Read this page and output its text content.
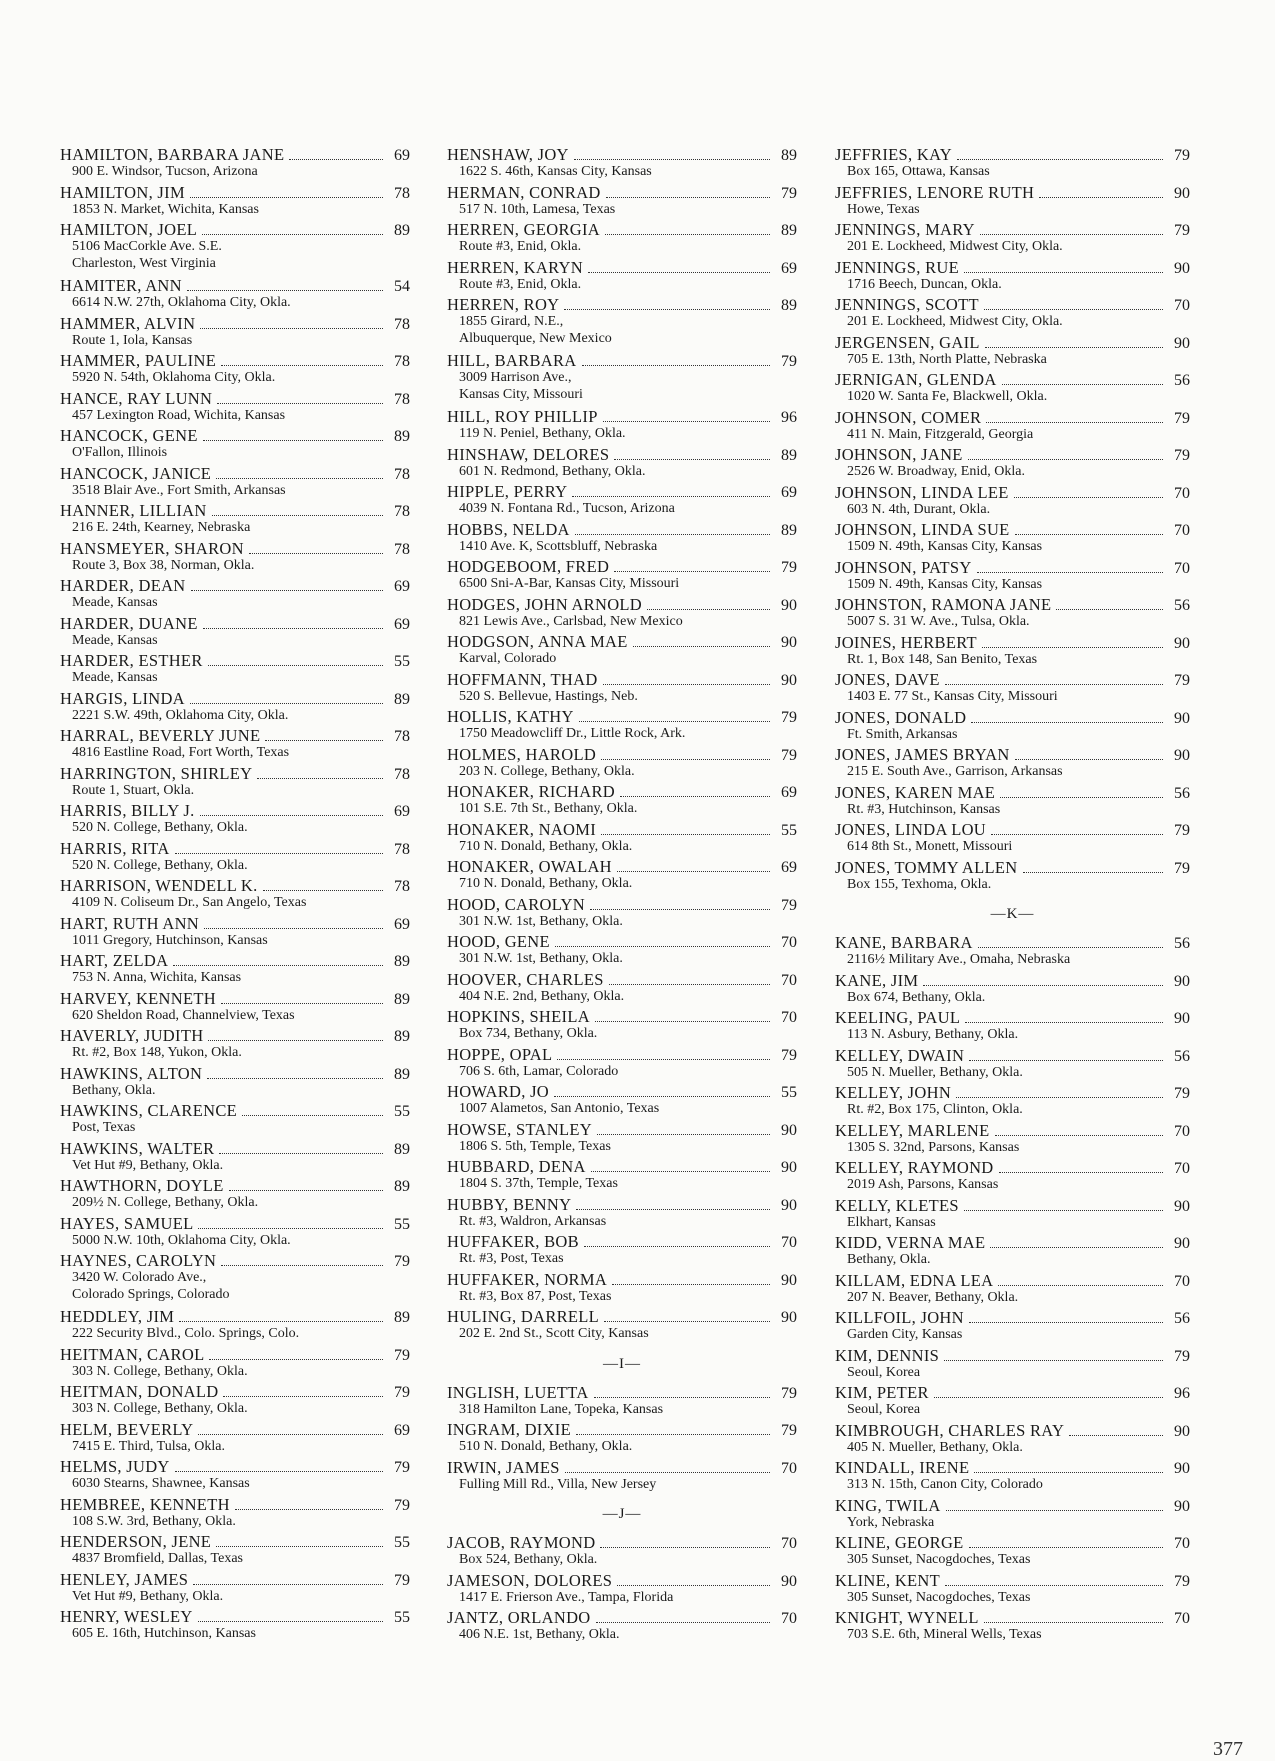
HAMILTON, BARBARA JANE	69
900 E. Windsor, Tucson, Arizona
HAMILTON, JIM	78
1853 N. Market, Wichita, Kansas
HAMILTON, JOEL	89
5106 MacCorkle Ave. S.E.
Charleston, West Virginia
HAMITER, ANN	54
6614 N.W. 27th, Oklahoma City, Okla.
HAMMER, ALVIN	78
Route 1, Iola, Kansas
HAMMER, PAULINE	78
5920 N. 54th, Oklahoma City, Okla.
HANCE, RAY LUNN	78
457 Lexington Road, Wichita, Kansas
HANCOCK, GENE	89
O'Fallon, Illinois
HANCOCK, JANICE	78
3518 Blair Ave., Fort Smith, Arkansas
HANNER, LILLIAN	78
216 E. 24th, Kearney, Nebraska
HANSMEYER, SHARON	78
Route 3, Box 38, Norman, Okla.
HARDER, DEAN	69
Meade, Kansas
HARDER, DUANE	69
Meade, Kansas
HARDER, ESTHER	55
Meade, Kansas
HARGIS, LINDA	89
2221 S.W. 49th, Oklahoma City, Okla.
HARRAL, BEVERLY JUNE	78
4816 Eastline Road, Fort Worth, Texas
HARRINGTON, SHIRLEY	78
Route 1, Stuart, Okla.
HARRIS, BILLY J.	69
520 N. College, Bethany, Okla.
HARRIS, RITA	78
520 N. College, Bethany, Okla.
HARRISON, WENDELL K.	78
4109 N. Coliseum Dr., San Angelo, Texas
HART, RUTH ANN	69
1011 Gregory, Hutchinson, Kansas
HART, ZELDA	89
753 N. Anna, Wichita, Kansas
HARVEY, KENNETH	89
620 Sheldon Road, Channelview, Texas
HAVERLY, JUDITH	89
Rt. #2, Box 148, Yukon, Okla.
HAWKINS, ALTON	89
Bethany, Okla.
HAWKINS, CLARENCE	55
Post, Texas
HAWKINS, WALTER	89
Vet Hut #9, Bethany, Okla.
HAWTHORN, DOYLE	89
209½ N. College, Bethany, Okla.
HAYES, SAMUEL	55
5000 N.W. 10th, Oklahoma City, Okla.
HAYNES, CAROLYN	79
3420 W. Colorado Ave.,
Colorado Springs, Colorado
HEDDLEY, JIM	89
222 Security Blvd., Colo. Springs, Colo.
HEITMAN, CAROL	79
303 N. College, Bethany, Okla.
HEITMAN, DONALD	79
303 N. College, Bethany, Okla.
HELM, BEVERLY	69
7415 E. Third, Tulsa, Okla.
HELMS, JUDY	79
6030 Stearns, Shawnee, Kansas
HEMBREE, KENNETH	79
108 S.W. 3rd, Bethany, Okla.
HENDERSON, JENE	55
4837 Bromfield, Dallas, Texas
HENLEY, JAMES	79
Vet Hut #9, Bethany, Okla.
HENRY, WESLEY	55
605 E. 16th, Hutchinson, Kansas
HENSHAW, JOY	89
1622 S. 46th, Kansas City, Kansas
HERMAN, CONRAD	79
517 N. 10th, Lamesa, Texas
HERREN, GEORGIA	89
Route #3, Enid, Okla.
HERREN, KARYN	69
Route #3, Enid, Okla.
HERREN, ROY	89
1855 Girard, N.E.,
Albuquerque, New Mexico
HILL, BARBARA	79
3009 Harrison Ave.,
Kansas City, Missouri
HILL, ROY PHILLIP	96
119 N. Peniel, Bethany, Okla.
HINSHAW, DELORES	89
601 N. Redmond, Bethany, Okla.
HIPPLE, PERRY	69
4039 N. Fontana Rd., Tucson, Arizona
HOBBS, NELDA	89
1410 Ave. K, Scottsbluff, Nebraska
HODGEBOOM, FRED	79
6500 Sni-A-Bar, Kansas City, Missouri
HODGES, JOHN ARNOLD	90
821 Lewis Ave., Carlsbad, New Mexico
HODGSON, ANNA MAE	90
Karval, Colorado
HOFFMANN, THAD	90
520 S. Bellevue, Hastings, Neb.
HOLLIS, KATHY	79
1750 Meadowcliff Dr., Little Rock, Ark.
HOLMES, HAROLD	79
203 N. College, Bethany, Okla.
HONAKER, RICHARD	69
101 S.E. 7th St., Bethany, Okla.
HONAKER, NAOMI	55
710 N. Donald, Bethany, Okla.
HONAKER, OWALAH	69
710 N. Donald, Bethany, Okla.
HOOD, CAROLYN	79
301 N.W. 1st, Bethany, Okla.
HOOD, GENE	70
301 N.W. 1st, Bethany, Okla.
HOOVER, CHARLES	70
404 N.E. 2nd, Bethany, Okla.
HOPKINS, SHEILA	70
Box 734, Bethany, Okla.
HOPPE, OPAL	79
706 S. 6th, Lamar, Colorado
HOWARD, JO	55
1007 Alametos, San Antonio, Texas
HOWSE, STANLEY	90
1806 S. 5th, Temple, Texas
HUBBARD, DENA	90
1804 S. 37th, Temple, Texas
HUBBY, BENNY	90
Rt. #3, Waldron, Arkansas
HUFFAKER, BOB	70
Rt. #3, Post, Texas
HUFFAKER, NORMA	90
Rt. #3, Box 87, Post, Texas
HULING, DARRELL	90
202 E. 2nd St., Scott City, Kansas
—I—
INGLISH, LUETTA	79
318 Hamilton Lane, Topeka, Kansas
INGRAM, DIXIE	79
510 N. Donald, Bethany, Okla.
IRWIN, JAMES	70
Fulling Mill Rd., Villa, New Jersey
—J—
JACOB, RAYMOND	70
Box 524, Bethany, Okla.
JAMESON, DOLORES	90
1417 E. Frierson Ave., Tampa, Florida
JANTZ, ORLANDO	70
406 N.E. 1st, Bethany, Okla.
JEFFRIES, KAY	79
Box 165, Ottawa, Kansas
JEFFRIES, LENORE RUTH	90
Howe, Texas
JENNINGS, MARY	79
201 E. Lockheed, Midwest City, Okla.
JENNINGS, RUE	90
1716 Beech, Duncan, Okla.
JENNINGS, SCOTT	70
201 E. Lockheed, Midwest City, Okla.
JERGENSEN, GAIL	90
705 E. 13th, North Platte, Nebraska
JERNIGAN, GLENDA	56
1020 W. Santa Fe, Blackwell, Okla.
JOHNSON, COMER	79
411 N. Main, Fitzgerald, Georgia
JOHNSON, JANE	79
2526 W. Broadway, Enid, Okla.
JOHNSON, LINDA LEE	70
603 N. 4th, Durant, Okla.
JOHNSON, LINDA SUE	70
1509 N. 49th, Kansas City, Kansas
JOHNSON, PATSY	70
1509 N. 49th, Kansas City, Kansas
JOHNSTON, RAMONA JANE	56
5007 S. 31 W. Ave., Tulsa, Okla.
JOINES, HERBERT	90
Rt. 1, Box 148, San Benito, Texas
JONES, DAVE	79
1403 E. 77 St., Kansas City, Missouri
JONES, DONALD	90
Ft. Smith, Arkansas
JONES, JAMES BRYAN	90
215 E. South Ave., Garrison, Arkansas
JONES, KAREN MAE	56
Rt. #3, Hutchinson, Kansas
JONES, LINDA LOU	79
614 8th St., Monett, Missouri
JONES, TOMMY ALLEN	79
Box 155, Texhoma, Okla.
—K—
KANE, BARBARA	56
2116½ Military Ave., Omaha, Nebraska
KANE, JIM	90
Box 674, Bethany, Okla.
KEELING, PAUL	90
113 N. Asbury, Bethany, Okla.
KELLEY, DWAIN	56
505 N. Mueller, Bethany, Okla.
KELLEY, JOHN	79
Rt. #2, Box 175, Clinton, Okla.
KELLEY, MARLENE	70
1305 S. 32nd, Parsons, Kansas
KELLEY, RAYMOND	70
2019 Ash, Parsons, Kansas
KELLY, KLETES	90
Elkhart, Kansas
KIDD, VERNA MAE	90
Bethany, Okla.
KILLAM, EDNA LEA	70
207 N. Beaver, Bethany, Okla.
KILLFOIL, JOHN	56
Garden City, Kansas
KIM, DENNIS	79
Seoul, Korea
KIM, PETER	96
Seoul, Korea
KIMBROUGH, CHARLES RAY	90
405 N. Mueller, Bethany, Okla.
KINDALL, IRENE	90
313 N. 15th, Canon City, Colorado
KING, TWILA	90
York, Nebraska
KLINE, GEORGE	70
305 Sunset, Nacogdoches, Texas
KLINE, KENT	79
305 Sunset, Nacogdoches, Texas
KNIGHT, WYNELL	70
703 S.E. 6th, Mineral Wells, Texas
377
